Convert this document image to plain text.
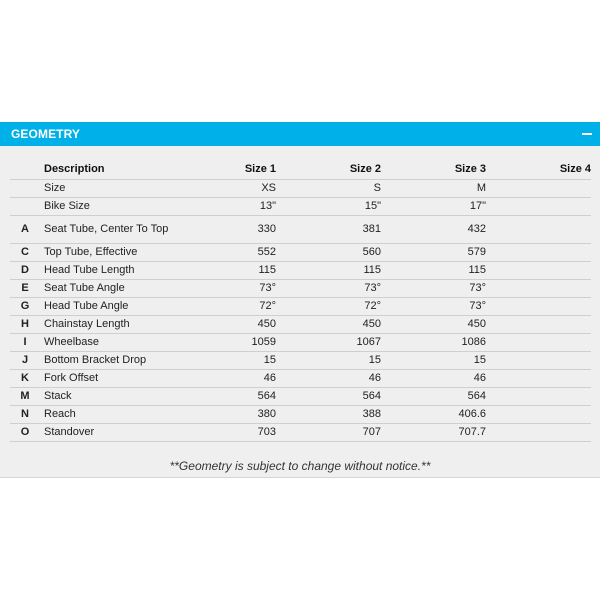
GEOMETRY
	Description	Size 1	Size 2	Size 3	Size 4
	Size	XS	S	M	
	Bike Size	13"	15"	17"	
A	Seat Tube, Center To Top	330	381	432	
C	Top Tube, Effective	552	560	579	
D	Head Tube Length	115	115	115	
E	Seat Tube Angle	73°	73°	73°	
G	Head Tube Angle	72°	72°	73°	
H	Chainstay Length	450	450	450	
I	Wheelbase	1059	1067	1086	
J	Bottom Bracket Drop	15	15	15	
K	Fork Offset	46	46	46	
M	Stack	564	564	564	
N	Reach	380	388	406.6	
O	Standover	703	707	707.7	
**Geometry is subject to change without notice.**
